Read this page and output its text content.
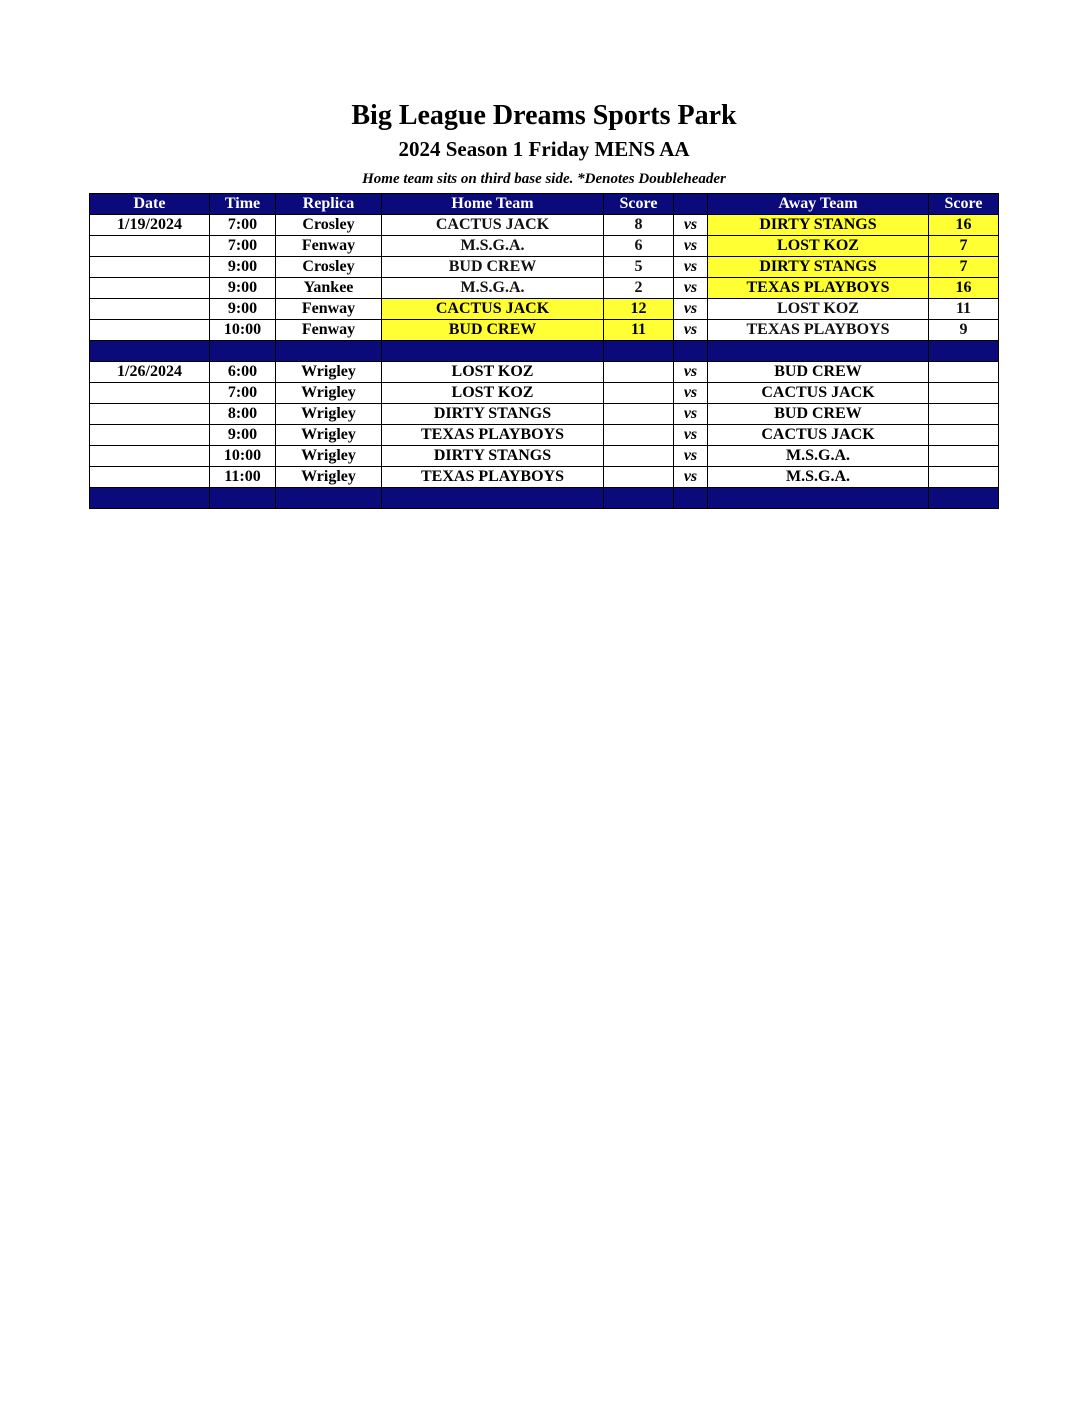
Big League Dreams Sports Park
2024 Season 1 Friday MENS AA
Home team sits on third base side. *Denotes Doubleheader
Date	Time	Replica	Home Team	Score		Away Team	Score
1/19/2024	7:00	Crosley	CACTUS JACK	8	vs	DIRTY STANGS	16
	7:00	Fenway	M.S.G.A.	6	vs	LOST KOZ	7
	9:00	Crosley	BUD CREW	5	vs	DIRTY STANGS	7
	9:00	Yankee	M.S.G.A.	2	vs	TEXAS PLAYBOYS	16
	9:00	Fenway	CACTUS JACK	12	vs	LOST KOZ	11
	10:00	Fenway	BUD CREW	11	vs	TEXAS PLAYBOYS	9

1/26/2024	6:00	Wrigley	LOST KOZ		vs	BUD CREW	
	7:00	Wrigley	LOST KOZ		vs	CACTUS JACK	
	8:00	Wrigley	DIRTY STANGS		vs	BUD CREW	
	9:00	Wrigley	TEXAS PLAYBOYS		vs	CACTUS JACK	
	10:00	Wrigley	DIRTY STANGS		vs	M.S.G.A.	
	11:00	Wrigley	TEXAS PLAYBOYS		vs	M.S.G.A.	
